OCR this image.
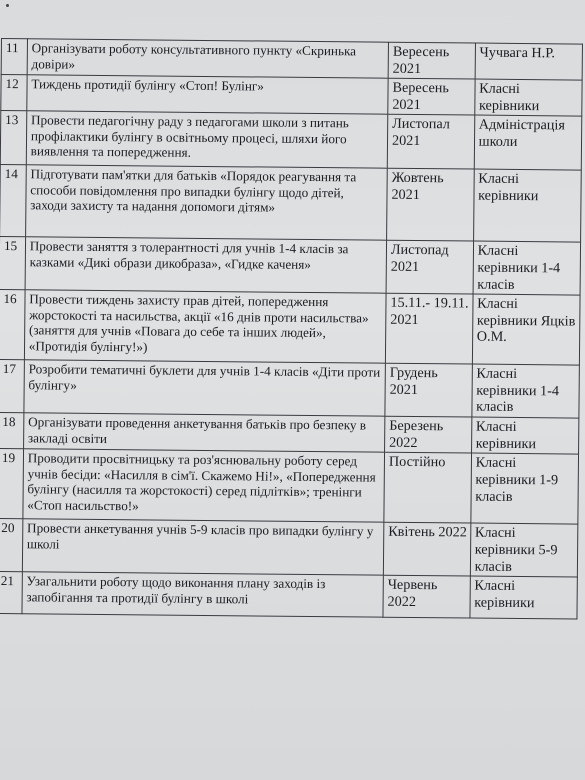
11	Організувати роботу консультативного пункту «Скринька довіри»	Вересень 2021	Чучвага Н.Р.
12	Тиждень протидії булінгу «Стоп! Булінг»	Вересень 2021	Класні керівники
13	Провести педагогічну раду з педагогами школи з питань профілактики булінгу в освітньому процесі, шляхи його виявлення та попередження.	Листопал 2021	Адміністрація школи
14	Підготувати пам'ятки для батьків «Порядок реагування та способи повідомлення про випадки булінгу щодо дітей, заходи захисту та надання допомоги дітям»	Жовтень 2021	Класні керівники
15	Провести заняття з толерантності для учнів 1-4 класів за казками «Дикі образи дикобраза», «Гидке каченя»	Листопад 2021	Класні керівники 1-4 класів
16	Провести тиждень захисту прав дітей, попередження жорстокості та насильства, акції «16 днів проти насильства» (заняття для учнів «Повага до себе та інших людей», «Протидія булінгу!»)	15.11.- 19.11. 2021	Класні керівники Яцків О.М.
17	Розробити тематичні буклети для учнів 1-4 класів «Діти проти булінгу»	Грудень 2021	Класні керівники 1-4 класів
18	Організувати проведення анкетування батьків про безпеку в закладі освіти	Березень 2022	Класні керівники
19	Проводити просвітницьку та роз'яснювальну роботу серед учнів бесіди: «Насилля в сім'ї. Скажемо Ні!», «Попередження булінгу (насилля та жорстокості) серед підлітків»; тренінги «Стоп насильство!»	Постійно	Класні керівники 1-9 класів
20	Провести анкетування учнів 5-9 класів про випадки булінгу у школі	Квітень 2022	Класні керівники 5-9 класів
21	Узагальнити роботу щодо виконання плану заходів із запобігання та протидії булінгу в школі	Червень 2022	Класні керівники
